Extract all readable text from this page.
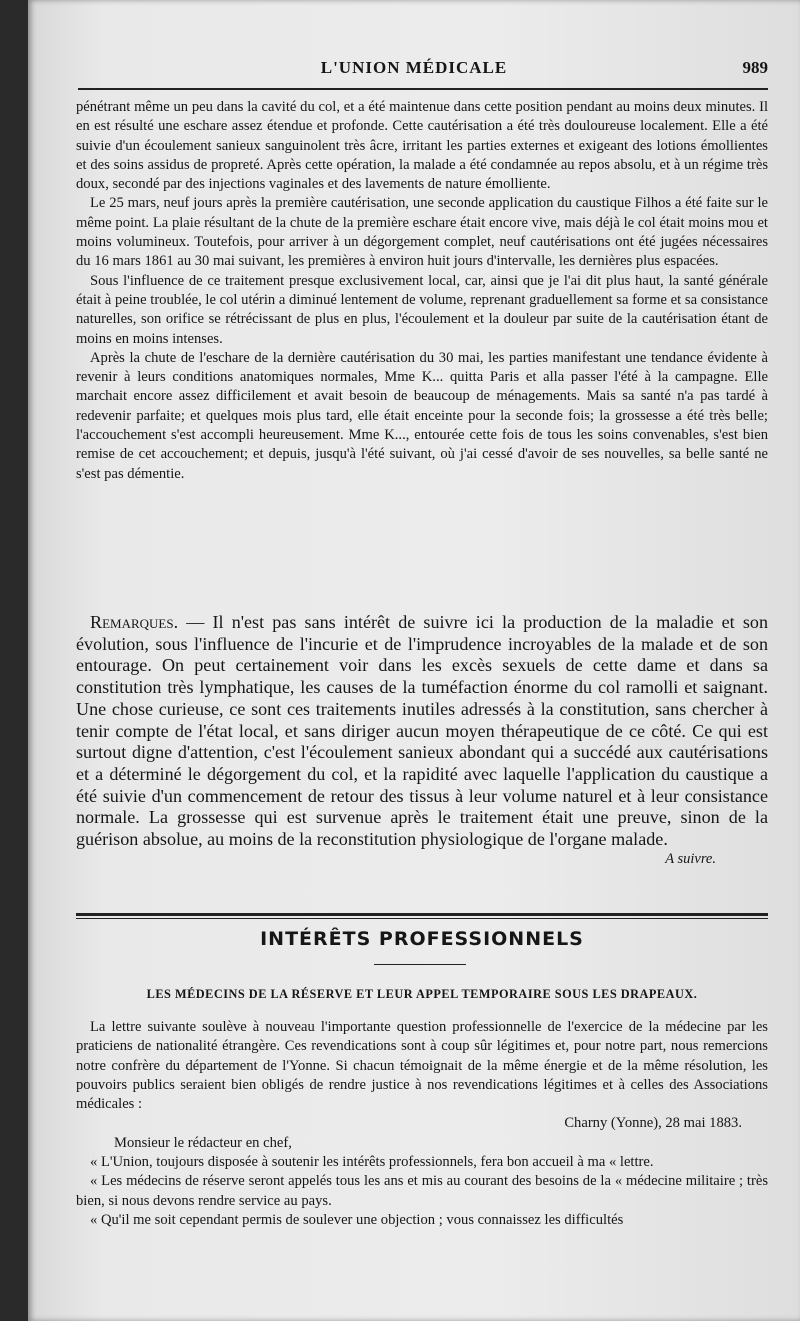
L'UNION MÉDICALE	989

pénétrant même un peu dans la cavité du col, et a été maintenue dans cette position pendant au moins deux minutes. Il en est résulté une eschare assez étendue et profonde. Cette cautérisation a été très douloureuse localement. Elle a été suivie d'un écoulement sanieux sanguinolent très âcre, irritant les parties externes et exigeant des lotions émollientes et des soins assidus de propreté. Après cette opération, la malade a été condamnée au repos absolu, et à un régime très doux, secondé par des injections vaginales et des lavements de nature émolliente.

Le 25 mars, neuf jours après la première cautérisation, une seconde application du caustique Filhos a été faite sur le même point. La plaie résultant de la chute de la première eschare était encore vive, mais déjà le col était moins mou et moins volumineux. Toutefois, pour arriver à un dégorgement complet, neuf cautérisations ont été jugées nécessaires du 16 mars 1861 au 30 mai suivant, les premières à environ huit jours d'intervalle, les dernières plus espacées.

Sous l'influence de ce traitement presque exclusivement local, car, ainsi que je l'ai dit plus haut, la santé générale était à peine troublée, le col utérin a diminué lentement de volume, reprenant graduellement sa forme et sa consistance naturelles, son orifice se rétrécissant de plus en plus, l'écoulement et la douleur par suite de la cautérisation étant de moins en moins intenses.

Après la chute de l'eschare de la dernière cautérisation du 30 mai, les parties manifestant une tendance évidente à revenir à leurs conditions anatomiques normales, Mme K... quitta Paris et alla passer l'été à la campagne. Elle marchait encore assez difficilement et avait besoin de beaucoup de ménagements. Mais sa santé n'a pas tardé à redevenir parfaite; et quelques mois plus tard, elle était enceinte pour la seconde fois; la grossesse a été très belle; l'accouchement s'est accompli heureusement. Mme K..., entourée cette fois de tous les soins convenables, s'est bien remise de cet accouchement; et depuis, jusqu'à l'été suivant, où j'ai cessé d'avoir de ses nouvelles, sa belle santé ne s'est pas démentie.

Remarques. — Il n'est pas sans intérêt de suivre ici la production de la maladie et son évolution, sous l'influence de l'incurie et de l'imprudence incroyables de la malade et de son entourage. On peut certainement voir dans les excès sexuels de cette dame et dans sa constitution très lymphatique, les causes de la tuméfaction énorme du col ramolli et saignant. Une chose curieuse, ce sont ces traitements inutiles adressés à la constitution, sans chercher à tenir compte de l'état local, et sans diriger aucun moyen thérapeutique de ce côté. Ce qui est surtout digne d'attention, c'est l'écoulement sanieux abondant qui a succédé aux cautérisations et a déterminé le dégorgement du col, et la rapidité avec laquelle l'application du caustique a été suivie d'un commencement de retour des tissus à leur volume naturel et à leur consistance normale. La grossesse qui est survenue après le traitement était une preuve, sinon de la guérison absolue, au moins de la reconstitution physiologique de l'organe malade.

A suivre.
INTÉRÊTS PROFESSIONNELS
LES MÉDECINS DE LA RÉSERVE ET LEUR APPEL TEMPORAIRE SOUS LES DRAPEAUX.

La lettre suivante soulève à nouveau l'importante question professionnelle de l'exercice de la médecine par les praticiens de nationalité étrangère. Ces revendications sont à coup sûr légitimes et, pour notre part, nous remercions notre confrère du département de l'Yonne. Si chacun témoignait de la même énergie et de la même résolution, les pouvoirs publics seraient bien obligés de rendre justice à nos revendications légitimes et à celles des Associations médicales :

Charny (Yonne), 28 mai 1883.

Monsieur le rédacteur en chef,

« L'Union, toujours disposée à soutenir les intérêts professionnels, fera bon accueil à ma « lettre.

« Les médecins de réserve seront appelés tous les ans et mis au courant des besoins de la « médecine militaire ; très bien, si nous devons rendre service au pays.

« Qu'il me soit cependant permis de soulever une objection ; vous connaissez les difficultés
